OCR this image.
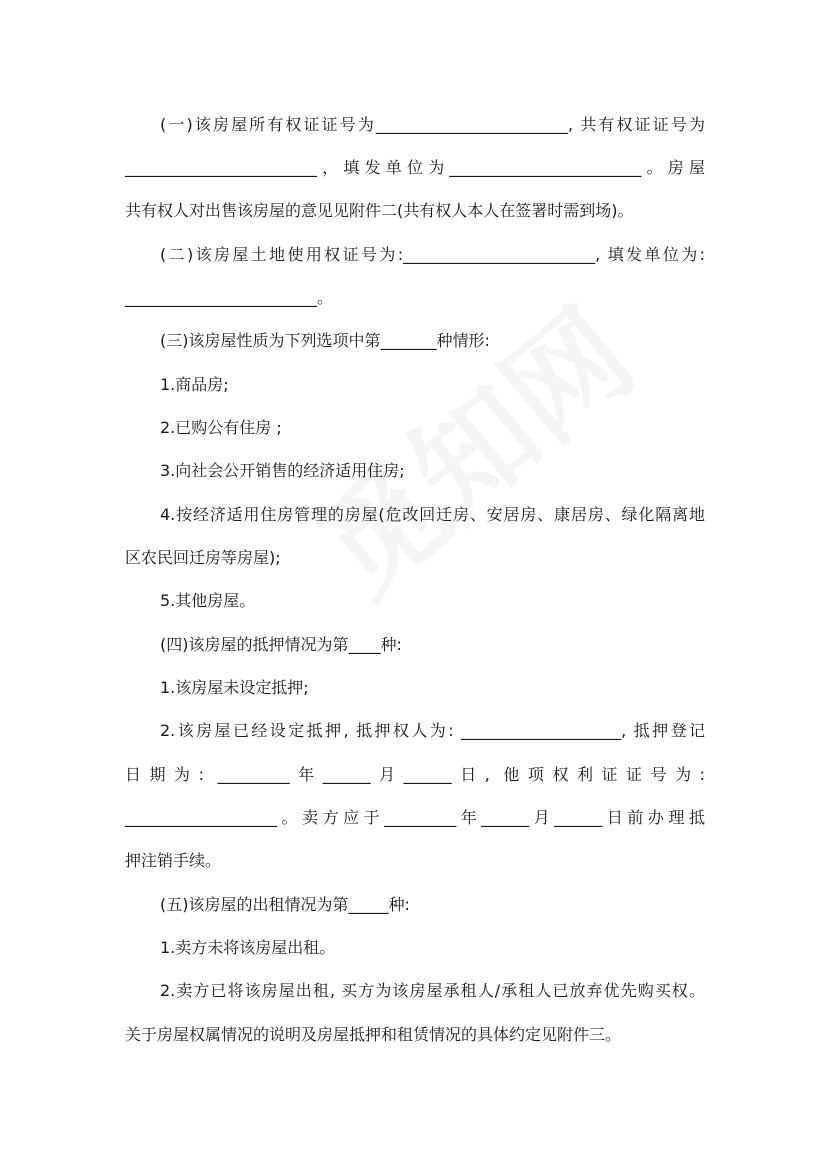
(一)该房屋所有权证证号为________________________, 共有权证证号为
________________________，填发单位为________________________。房屋
共有权人对出售该房屋的意见见附件二(共有权人本人在签署时需到场)。
(二)该房屋土地使用权证号为:________________________, 填发单位为:
________________________。
(三)该房屋性质为下列选项中第_______种情形:
1.商品房;
2.已购公有住房 ;
3.向社会公开销售的经济适用住房;
4.按经济适用住房管理的房屋(危改回迁房、安居房、康居房、绿化隔离地
区农民回迁房等房屋);
5.其他房屋。
(四)该房屋的抵押情况为第____种:
1.该房屋未设定抵押;
2.该房屋已经设定抵押, 抵押权人为: ____________________, 抵押登记
日期为: _________年______月______日, 他项权利证证号为:
___________________。卖方应于_________年______月______日前办理抵
押注销手续。
(五)该房屋的出租情况为第_____种:
1.卖方未将该房屋出租。
2.卖方已将该房屋出租, 买方为该房屋承租人/承租人已放弃优先购买权。
关于房屋权属情况的说明及房屋抵押和租赁情况的具体约定见附件三。
